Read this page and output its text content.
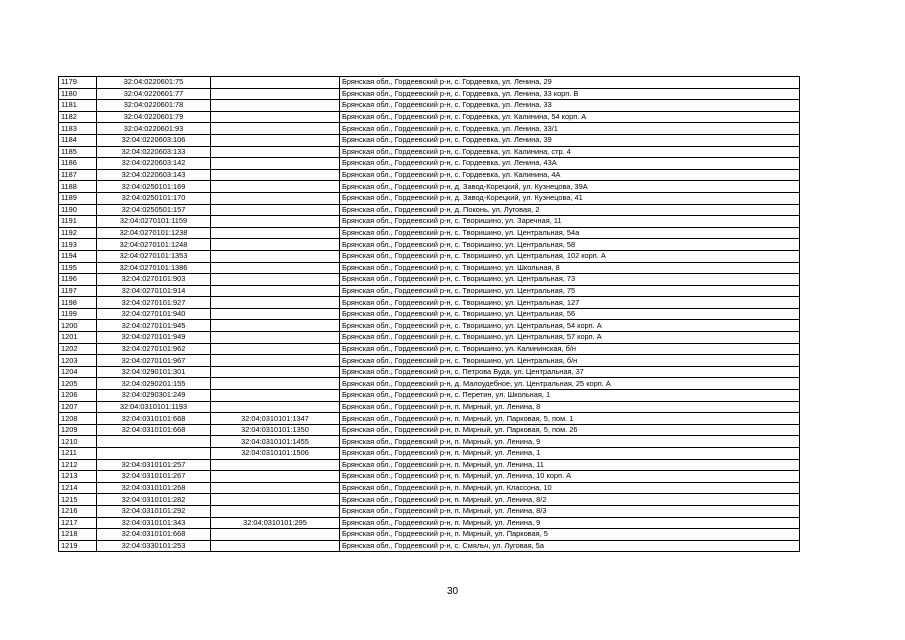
1179	32:04:0220601:75		Брянская обл., Гордеевский р-н, с. Гордеевка, ул. Ленина, 29
1180	32:04:0220601:77		Брянская обл., Гордеевский р-н, с. Гордеевка, ул. Ленина, 33 корп. В
1181	32:04:0220601:78		Брянская обл., Гордеевский р-н, с. Гордеевка, ул. Ленина, 33
1182	32:04:0220601:79		Брянская обл., Гордеевский р-н, с. Гордеевка, ул. Калинина, 54 корп. А
1183	32:04:0220601:93		Брянская обл., Гордеевский р-н, с. Гордеевка, ул. Ленина, 33/1
1184	32:04:0220603:106		Брянская обл., Гордеевский р-н, с. Гордеевка, ул. Ленина, 39
1185	32:04:0220603:133		Брянская обл., Гордеевский р-н, с. Гордеевка, ул. Калинина, стр. 4
1186	32:04:0220603:142		Брянская обл., Гордеевский р-н, с. Гордеевка, ул. Ленина, 43А
1187	32:04:0220603:143		Брянская обл., Гордеевский р-н, с. Гордеевка, ул. Калинина, 4А
1188	32:04:0250101:169		Брянская обл., Гордеевский р-н, д. Завод-Корецкий, ул. Кузнецова, 39А
1189	32:04:0250101:170		Брянская обл., Гордеевский р-н, д. Завод-Корецкий, ул. Кузнецова, 41
1190	32:04:0250501:157		Брянская обл., Гордеевский р-н, д. Поконь, ул. Луговая, 2
1191	32:04:0270101:1159		Брянская обл., Гордеевский р-н, с. Творишино, ул. Заречная, 11
1192	32:04:0270101:1238		Брянская обл., Гордеевский р-н, с. Творишино, ул. Центральная, 54а
1193	32:04:0270101:1248		Брянская обл., Гордеевский р-н, с. Творишино, ул. Центральная, 58
1194	32:04:0270101:1353		Брянская обл., Гордеевский р-н, с. Творишино, ул. Центральная, 102 корп. А
1195	32:04:0270101:1386		Брянская обл., Гордеевский р-н, с. Творишино, ул. Школьная, 8
1196	32:04:0270101:903		Брянская обл., Гордеевский р-н, с. Творишино, ул. Центральная, 73
1197	32:04:0270101:914		Брянская обл., Гордеевский р-н, с. Творишино, ул. Центральная, 75
1198	32:04:0270101:927		Брянская обл., Гордеевский р-н, с. Творишино, ул. Центральная, 127
1199	32:04:0270101:940		Брянская обл., Гордеевский р-н, с. Творишино, ул. Центральная, 56
1200	32:04:0270101:945		Брянская обл., Гордеевский р-н, с. Творишино, ул. Центральная, 54 корп. А
1201	32:04:0270101:949		Брянская обл., Гордеевский р-н, с. Творишино, ул. Центральная, 57 корп. А
1202	32:04:0270101:962		Брянская обл., Гордеевский р-н, с. Творишино, ул. Калининская, б/н
1203	32:04:0270101:967		Брянская обл., Гордеевский р-н, с. Творишино, ул. Центральная, б/н
1204	32:04:0290101:301		Брянская обл., Гордеевский р-н, с. Петрова Буда, ул. Центральная, 37
1205	32:04:0290201:155		Брянская обл., Гордеевский р-н, д. Малоудебное, ул. Центральная, 25 корп. А
1206	32:04:0290301:249		Брянская обл., Гордеевский р-н, с. Перетин, ул. Школьная, 1
1207	32:04:0310101:1193		Брянская обл., Гордеевский р-н, п. Мирный, ул. Ленина, 8
1208	32:04:0310101:668	32:04:0310101:1347	Брянская обл., Гордеевский р-н, п. Мирный, ул. Парковая, 5, пом. 1
1209	32:04:0310101:668	32:04:0310101:1350	Брянская обл., Гордеевский р-н, п. Мирный, ул. Парковая, 5, пом. 26
1210		32:04:0310101:1455	Брянская обл., Гордеевский р-н, п. Мирный, ул. Ленина, 9
1211		32:04:0310101:1506	Брянская обл., Гордеевский р-н, п. Мирный, ул. Ленина, 1
1212	32:04:0310101:257		Брянская обл., Гордеевский р-н, п. Мирный, ул. Ленина, 11
1213	32:04:0310101:267		Брянская обл., Гордеевский р-н, п. Мирный, ул. Ленина, 10 корп. А
1214	32:04:0310101:268		Брянская обл., Гордеевский р-н, п. Мирный, ул. Классона, 10
1215	32:04:0310101:282		Брянская обл., Гордеевский р-н, п. Мирный, ул. Ленина, 8/2
1216	32:04:0310101:292		Брянская обл., Гордеевский р-н, п. Мирный, ул. Ленина, 8/3
1217	32:04:0310101:343	32:04:0310101:295	Брянская обл., Гордеевский р-н, п. Мирный, ул. Ленина, 9
1218	32:04:0310101:668		Брянская обл., Гордеевский р-н, п. Мирный, ул. Парковая, 5
1219	32:04:0330101:253		Брянская обл., Гордеевский р-н, с. Смяльч, ул. Луговая, 5а
30
